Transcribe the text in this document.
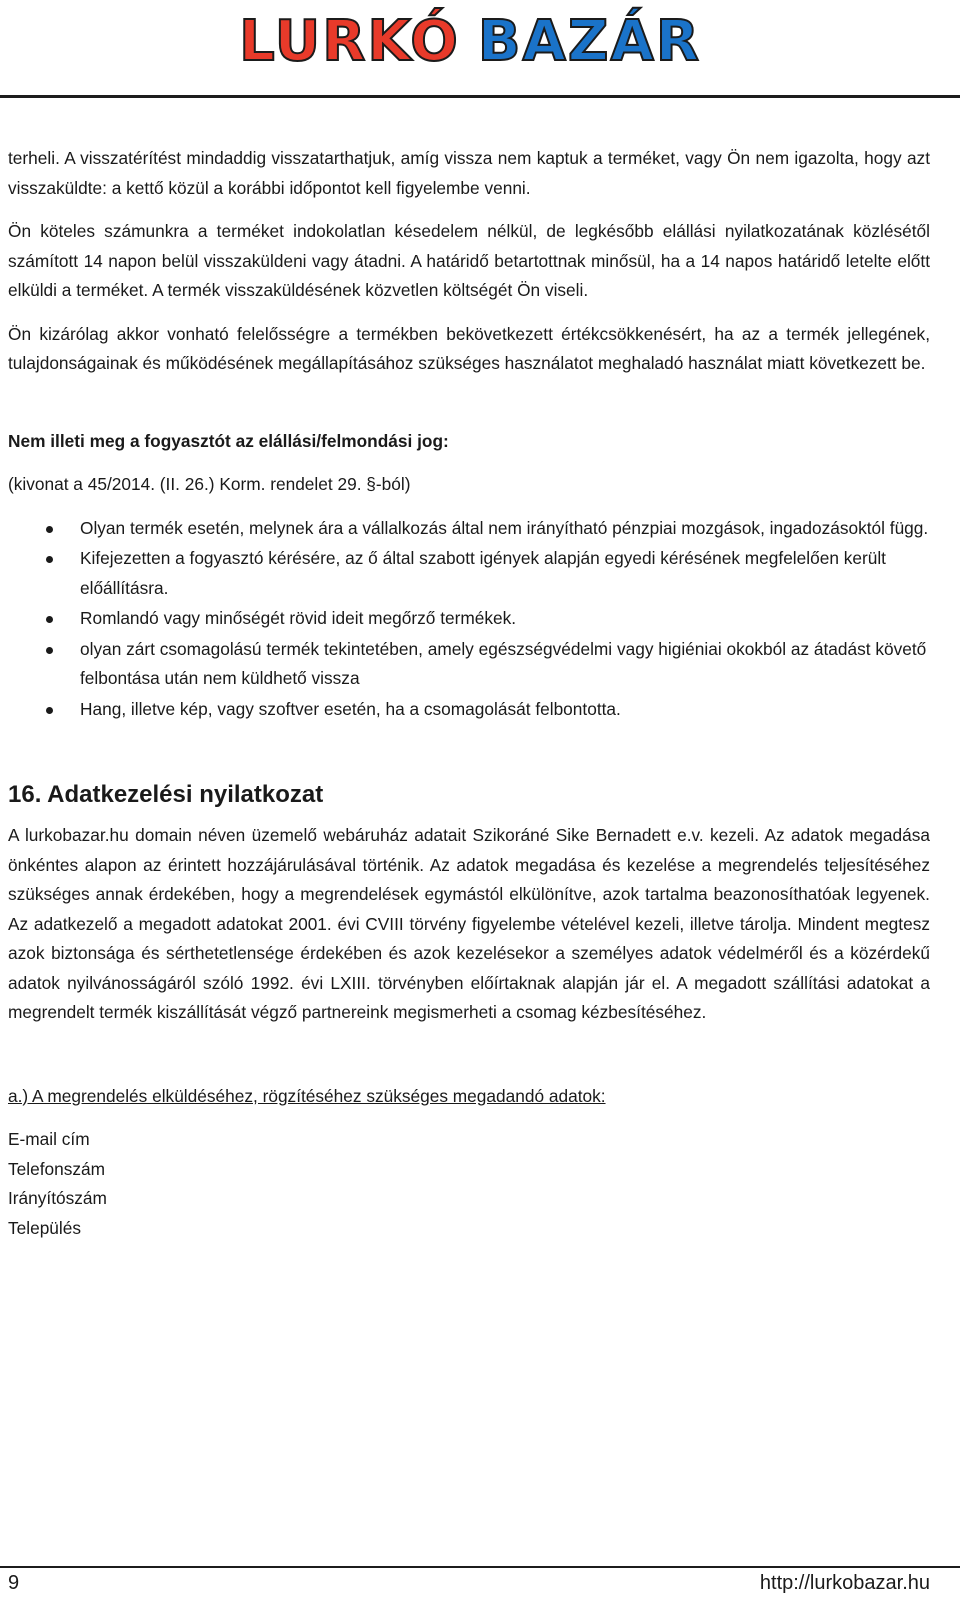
LURKÓ BAZÁR

terheli. A visszatérítést mindaddig visszatarthatjuk, amíg vissza nem kaptuk a terméket, vagy Ön nem igazolta, hogy azt visszaküldte: a kettő közül a korábbi időpontot kell figyelembe venni.

Ön köteles számunkra a terméket indokolatlan késedelem nélkül, de legkésőbb elállási nyilatkozatának közlésétől számított 14 napon belül visszaküldeni vagy átadni. A határidő betartottnak minősül, ha a 14 napos határidő letelte előtt elküldi a terméket. A termék visszaküldésének közvetlen költségét Ön viseli.

Ön kizárólag akkor vonható felelősségre a termékben bekövetkezett értékcsökkenésért, ha az a termék jellegének, tulajdonságainak és működésének megállapításához szükséges használatot meghaladó használat miatt következett be.

Nem illeti meg a fogyasztót az elállási/felmondási jog:

(kivonat a 45/2014. (II. 26.) Korm. rendelet 29. §-ból)

Olyan termék esetén, melynek ára a vállalkozás által nem irányítható pénzpiai mozgások, ingadozásoktól függ.
Kifejezetten a fogyasztó kérésére, az ő által szabott igények alapján egyedi kérésének megfelelően került előállításra.
Romlandó vagy minőségét rövid ideit megőrző termékek.
olyan zárt csomagolású termék tekintetében, amely egészségvédelmi vagy higiéniai okokból az átadást követő felbontása után nem küldhető vissza
Hang, illetve kép, vagy szoftver esetén, ha a csomagolását felbontotta.
16. Adatkezelési nyilatkozat

A lurkobazar.hu domain néven üzemelő webáruház adatait Szikoráné Sike Bernadett e.v. kezeli. Az adatok megadása önkéntes alapon az érintett hozzájárulásával történik. Az adatok megadása és kezelése a megrendelés teljesítéséhez szükséges annak érdekében, hogy a megrendelések egymástól elkülönítve, azok tartalma beazonosíthatóak legyenek. Az adatkezelő a megadott adatokat 2001. évi CVIII törvény figyelembe vételével kezeli, illetve tárolja. Mindent megtesz azok biztonsága és sérthetetlensége érdekében és azok kezelésekor a személyes adatok védelméről és a közérdekű adatok nyilvánosságáról szóló 1992. évi LXIII. törvényben előírtaknak alapján jár el. A megadott szállítási adatokat a megrendelt termék kiszállítását végző partnereink megismerheti a csomag kézbesítéséhez.

a.) A megrendelés elküldéséhez, rögzítéséhez szükséges megadandó adatok:

E-mail cím

Telefonszám

Irányítószám

Település

9	http://lurkobazar.hu
